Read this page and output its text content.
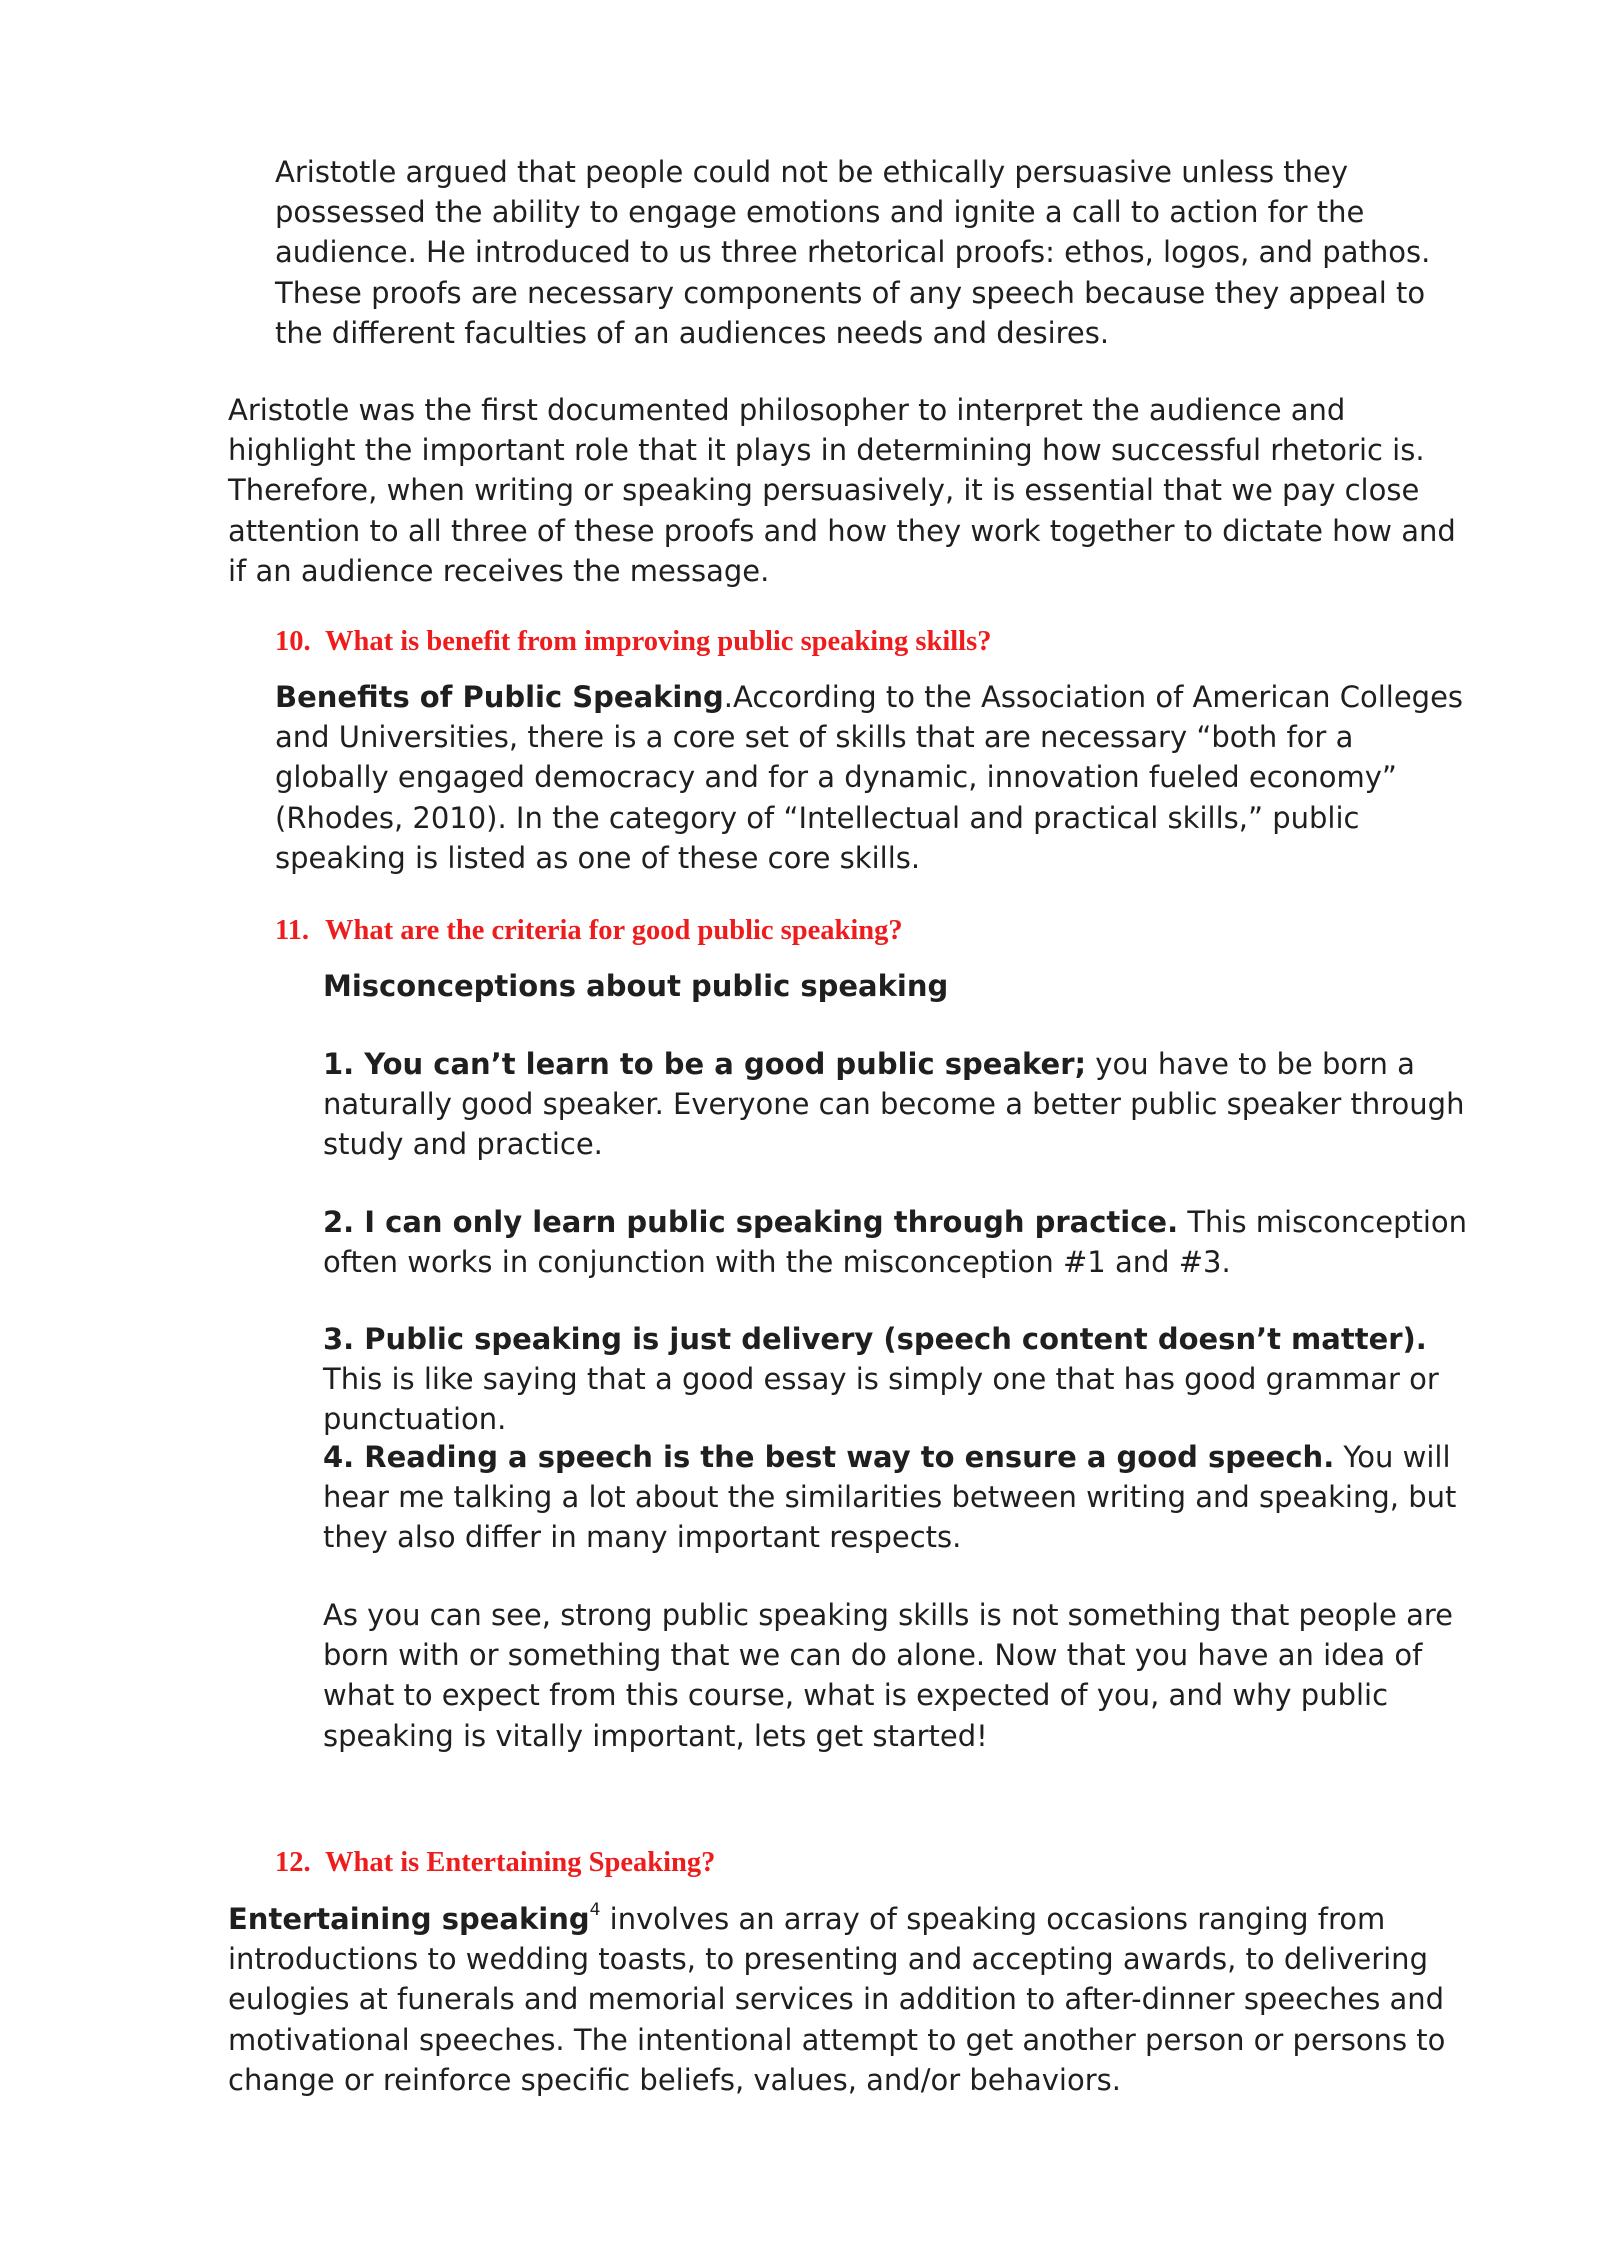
Aristotle argued that people could not be ethically persuasive unless they possessed the ability to engage emotions and ignite a call to action for the audience. He introduced to us three rhetorical proofs: ethos, logos, and pathos. These proofs are necessary components of any speech because they appeal to the different faculties of an audiences needs and desires.

Aristotle was the first documented philosopher to interpret the audience and highlight the important role that it plays in determining how successful rhetoric is. Therefore, when writing or speaking persuasively, it is essential that we pay close attention to all three of these proofs and how they work together to dictate how and if an audience receives the message.

10. What is benefit from improving public speaking skills?

Benefits of Public Speaking.According to the Association of American Colleges and Universities, there is a core set of skills that are necessary “both for a globally engaged democracy and for a dynamic, innovation fueled economy” (Rhodes, 2010). In the category of “Intellectual and practical skills,” public speaking is listed as one of these core skills.

11. What are the criteria for good public speaking?

Misconceptions about public speaking

1. You can’t learn to be a good public speaker; you have to be born a naturally good speaker. Everyone can become a better public speaker through study and practice.

2. I can only learn public speaking through practice. This misconception often works in conjunction with the misconception #1 and #3.

3. Public speaking is just delivery (speech content doesn’t matter). This is like saying that a good essay is simply one that has good grammar or punctuation.

4. Reading a speech is the best way to ensure a good speech. You will hear me talking a lot about the similarities between writing and speaking, but they also differ in many important respects.

As you can see, strong public speaking skills is not something that people are born with or something that we can do alone. Now that you have an idea of what to expect from this course, what is expected of you, and why public speaking is vitally important, lets get started!

12. What is Entertaining Speaking?

Entertaining speaking$^4$ involves an array of speaking occasions ranging from introductions to wedding toasts, to presenting and accepting awards, to delivering eulogies at funerals and memorial services in addition to after-dinner speeches and motivational speeches. The intentional attempt to get another person or persons to change or reinforce specific beliefs, values, and/or behaviors.
